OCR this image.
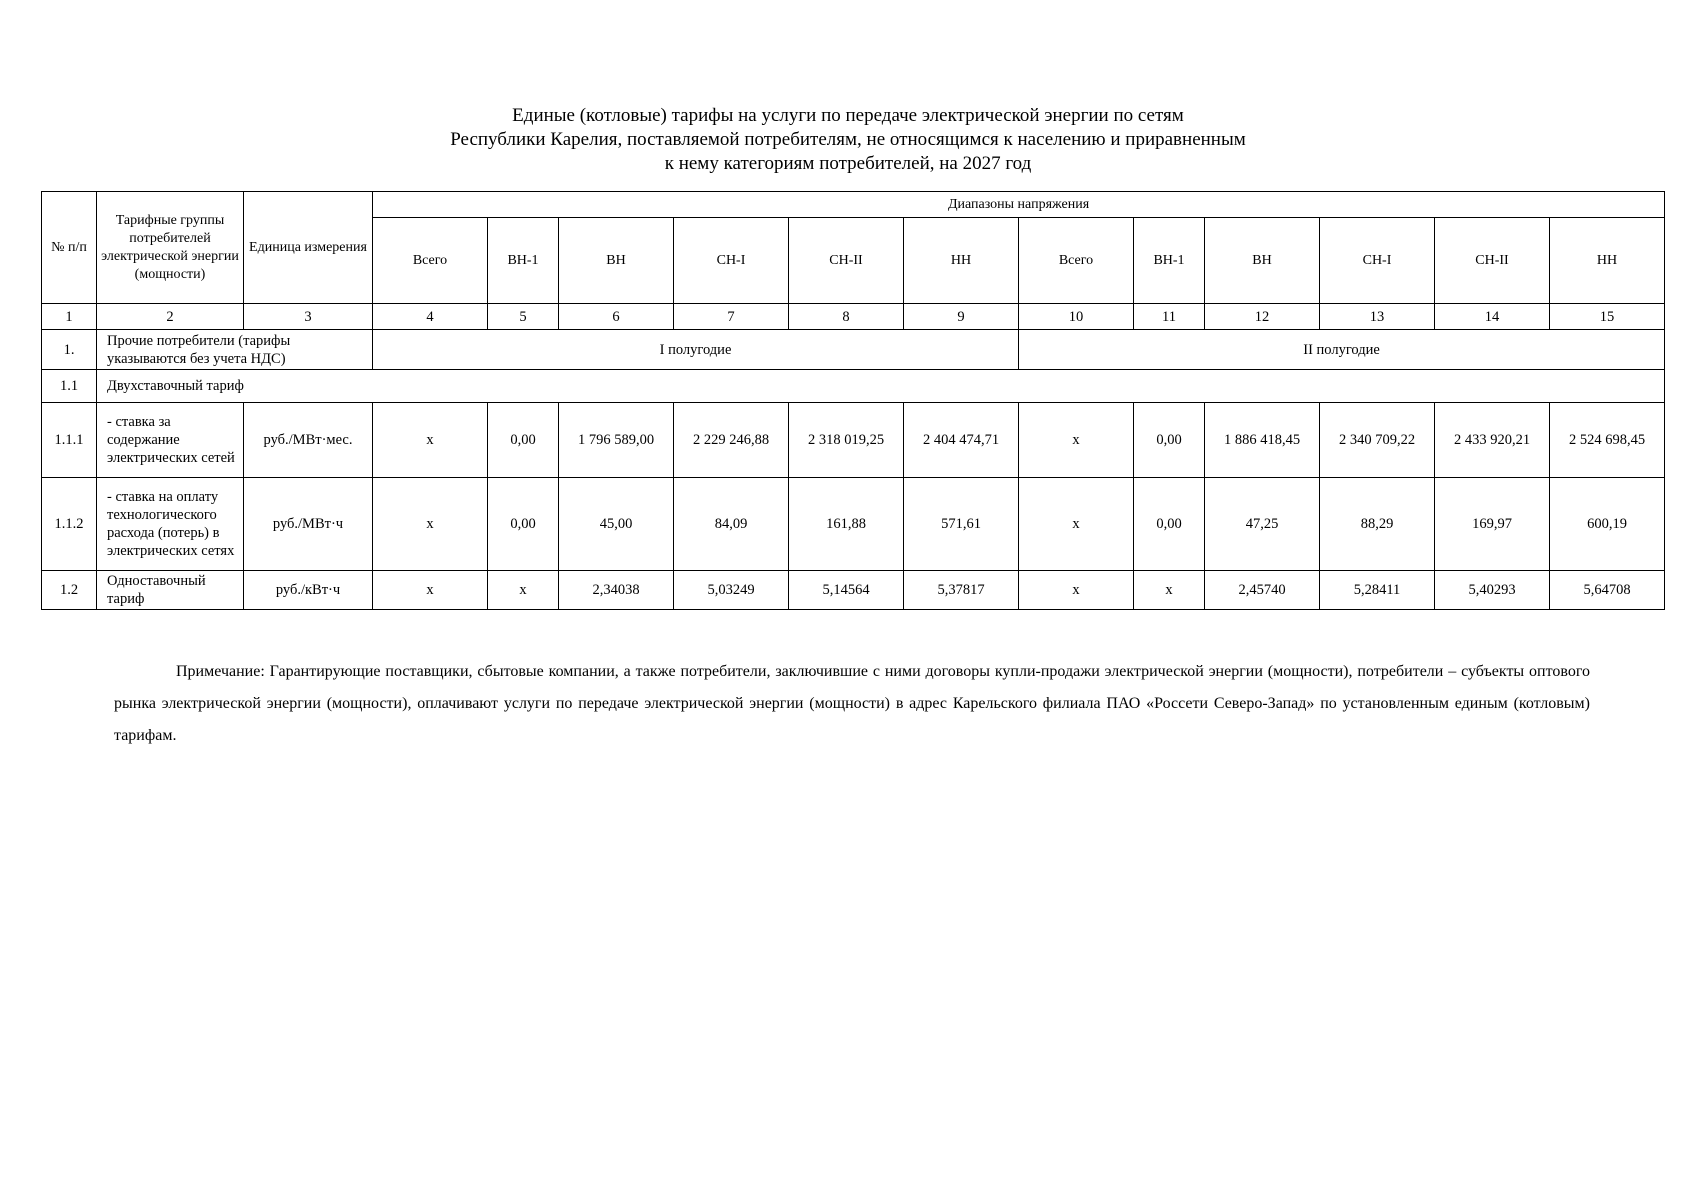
Единые (котловые) тарифы на услуги по передаче электрической энергии по сетям
Республики Карелия, поставляемой потребителям, не относящимся к населению и приравненным
к нему категориям потребителей, на 2027 год
№ п/п	Тарифные группы потребителей электрической энергии (мощности)	Единица измерения	Диапазоны напряжения											
			Всего	ВН-1	ВН	СН-I	СН-II	НН	Всего	ВН-1	ВН	СН-I	СН-II	НН
1	2	3	4	5	6	7	8	9	10	11	12	13	14	15
1.	Прочие потребители (тарифы указываются без учета НДС)		I полугодие						II полугодие					
1.1	Двухставочный тариф													
1.1.1	- ставка за содержание электрических сетей	руб./МВт·мес.	x	0,00	1 796 589,00	2 229 246,88	2 318 019,25	2 404 474,71	x	0,00	1 886 418,45	2 340 709,22	2 433 920,21	2 524 698,45
1.1.2	- ставка на оплату технологического расхода (потерь) в электрических сетях	руб./МВт·ч	x	0,00	45,00	84,09	161,88	571,61	x	0,00	47,25	88,29	169,97	600,19
1.2	Одноставочный тариф	руб./кВт·ч	x	x	2,34038	5,03249	5,14564	5,37817	x	x	2,45740	5,28411	5,40293	5,64708
Примечание: Гарантирующие поставщики, сбытовые компании, а также потребители, заключившие с ними договоры купли-продажи электрической энергии (мощности), потребители – субъекты оптового рынка электрической энергии (мощности), оплачивают услуги по передаче электрической энергии (мощности) в адрес Карельского филиала ПАО «Россети Северо-Запад» по установленным единым (котловым) тарифам.
